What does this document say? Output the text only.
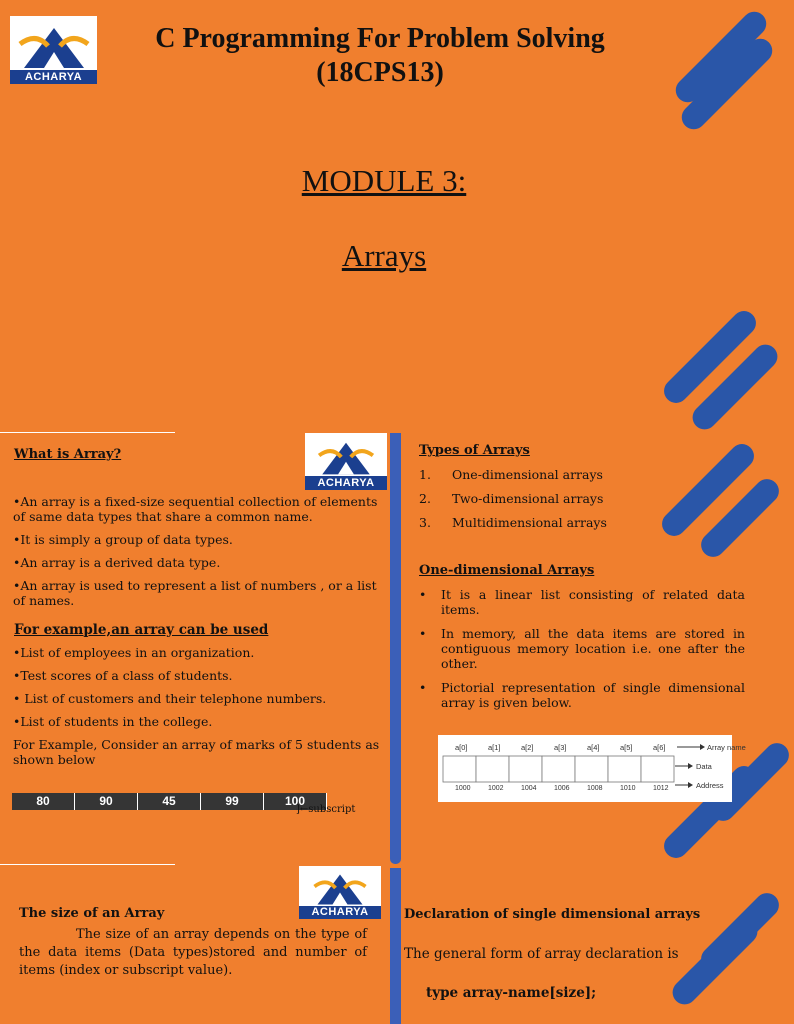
ACHARYA
C Programming For Problem Solving
(18CPS13)
MODULE 3:
Arrays
ACHARYA
What is Array?
•An array is a fixed-size sequential collection of elements of same data types that share a common name.
•It is simply a group of data types.
•An array is a derived data type.
•An array is used to represent a list of numbers , or a list of names.
For example,an array can be used
•List of employees in an organization.
•Test scores of a class of students.
• List of customers and their telephone numbers.
•List of students in the college.
For Example, Consider an array of marks of 5 students as shown below
80	90	45	99	100
]←subscript
Types of Arrays
1.	One-dimensional arrays
2.	Two-dimensional arrays
3.	Multidimensional arrays
One-dimensional Arrays
•	It is a linear list consisting of related data items.
•	In memory, all the data items are stored in contiguous memory location i.e. one after the other.
•	Pictorial representation of single dimensional array is given below.
a[0]	a[1]	a[2]	a[3]	a[4]	a[5]	a[6]
1000 1002 1004 1006 1008 1010 1012
Array name
Data
Address
ACHARYA
The size of an Array
The size of an array depends on the type of the data items (Data types)stored and number of items (index or subscript value).
Declaration of single dimensional arrays
The general form of array declaration is
type array-name[size];
